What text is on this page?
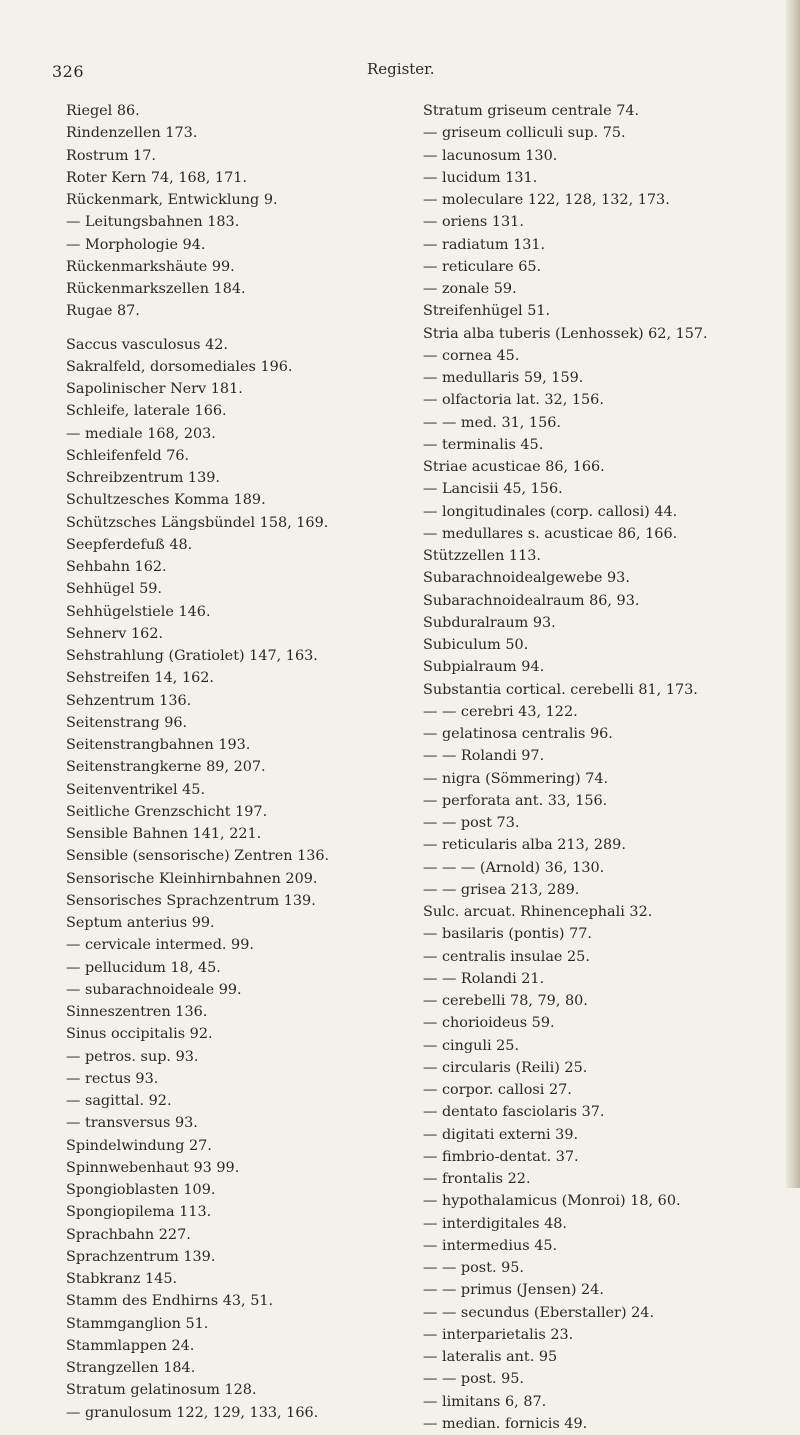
326	Register.
Riegel 86.
Rindenzellen 173.
Rostrum 17.
Roter Kern 74, 168, 171.
Rückenmark, Entwicklung 9.
— Leitungsbahnen 183.
— Morphologie 94.
Rückenmarkshäute 99.
Rückenmarkszellen 184.
Rugae 87.
Saccus vasculosus 42.
Sakralfeld, dorsomediales 196.
Sapolinischer Nerv 181.
Schleife, laterale 166.
— mediale 168, 203.
Schleifenfeld 76.
Schreibzentrum 139.
Schultzesches Komma 189.
Schützsches Längsbündel 158, 169.
Seepferdefuß 48.
Sehbahn 162.
Sehhügel 59.
Sehhügelstiele 146.
Sehnerv 162.
Sehstrahlung (Gratiolet) 147, 163.
Sehstreifen 14, 162.
Sehzentrum 136.
Seitenstrang 96.
Seitenstrangbahnen 193.
Seitenstrangkerne 89, 207.
Seitenventrikel 45.
Seitliche Grenzschicht 197.
Sensible Bahnen 141, 221.
Sensible (sensorische) Zentren 136.
Sensorische Kleinhirnbahnen 209.
Sensorisches Sprachzentrum 139.
Septum anterius 99.
— cervicale intermed. 99.
— pellucidum 18, 45.
— subarachnoideale 99.
Sinneszentren 136.
Sinus occipitalis 92.
— petros. sup. 93.
— rectus 93.
— sagittal. 92.
— transversus 93.
Spindelwindung 27.
Spinnwebenhaut 93 99.
Spongioblasten 109.
Spongiopilema 113.
Sprachbahn 227.
Sprachzentrum 139.
Stabkranz 145.
Stamm des Endhirns 43, 51.
Stammganglion 51.
Stammlappen 24.
Strangzellen 184.
Stratum gelatinosum 128.
— granulosum 122, 129, 133, 166.
Stratum griseum centrale 74.
— griseum colliculi sup. 75.
— lacunosum 130.
— lucidum 131.
— moleculare 122, 128, 132, 173.
— oriens 131.
— radiatum 131.
— reticulare 65.
— zonale 59.
Streifenhügel 51.
Stria alba tuberis (Lenhossek) 62, 157.
— cornea 45.
— medullaris 59, 159.
— olfactoria lat. 32, 156.
— — med. 31, 156.
— terminalis 45.
Striae acusticae 86, 166.
— Lancisii 45, 156.
— longitudinales (corp. callosi) 44.
— medullares s. acusticae 86, 166.
Stützzellen 113.
Subarachnoidealgewebe 93.
Subarachnoidealraum 86, 93.
Subduralraum 93.
Subiculum 50.
Subpialraum 94.
Substantia cortical. cerebelli 81, 173.
— — cerebri 43, 122.
— gelatinosa centralis 96.
— — Rolandi 97.
— nigra (Sömmering) 74.
— perforata ant. 33, 156.
— — post 73.
— reticularis alba 213, 289.
— — — (Arnold) 36, 130.
— — grisea 213, 289.
Sulc. arcuat. Rhinencephali 32.
— basilaris (pontis) 77.
— centralis insulae 25.
— — Rolandi 21.
— cerebelli 78, 79, 80.
— chorioideus 59.
— cinguli 25.
— circularis (Reili) 25.
— corpor. callosi 27.
— dentato fasciolaris 37.
— digitati externi 39.
— fimbrio-dentat. 37.
— frontalis 22.
— hypothalamicus (Monroi) 18, 60.
— interdigitales 48.
— intermedius 45.
— — post. 95.
— — primus (Jensen) 24.
— — secundus (Eberstaller) 24.
— interparietalis 23.
— lateralis ant. 95
— — post. 95.
— limitans 6, 87.
— median. fornicis 49.
